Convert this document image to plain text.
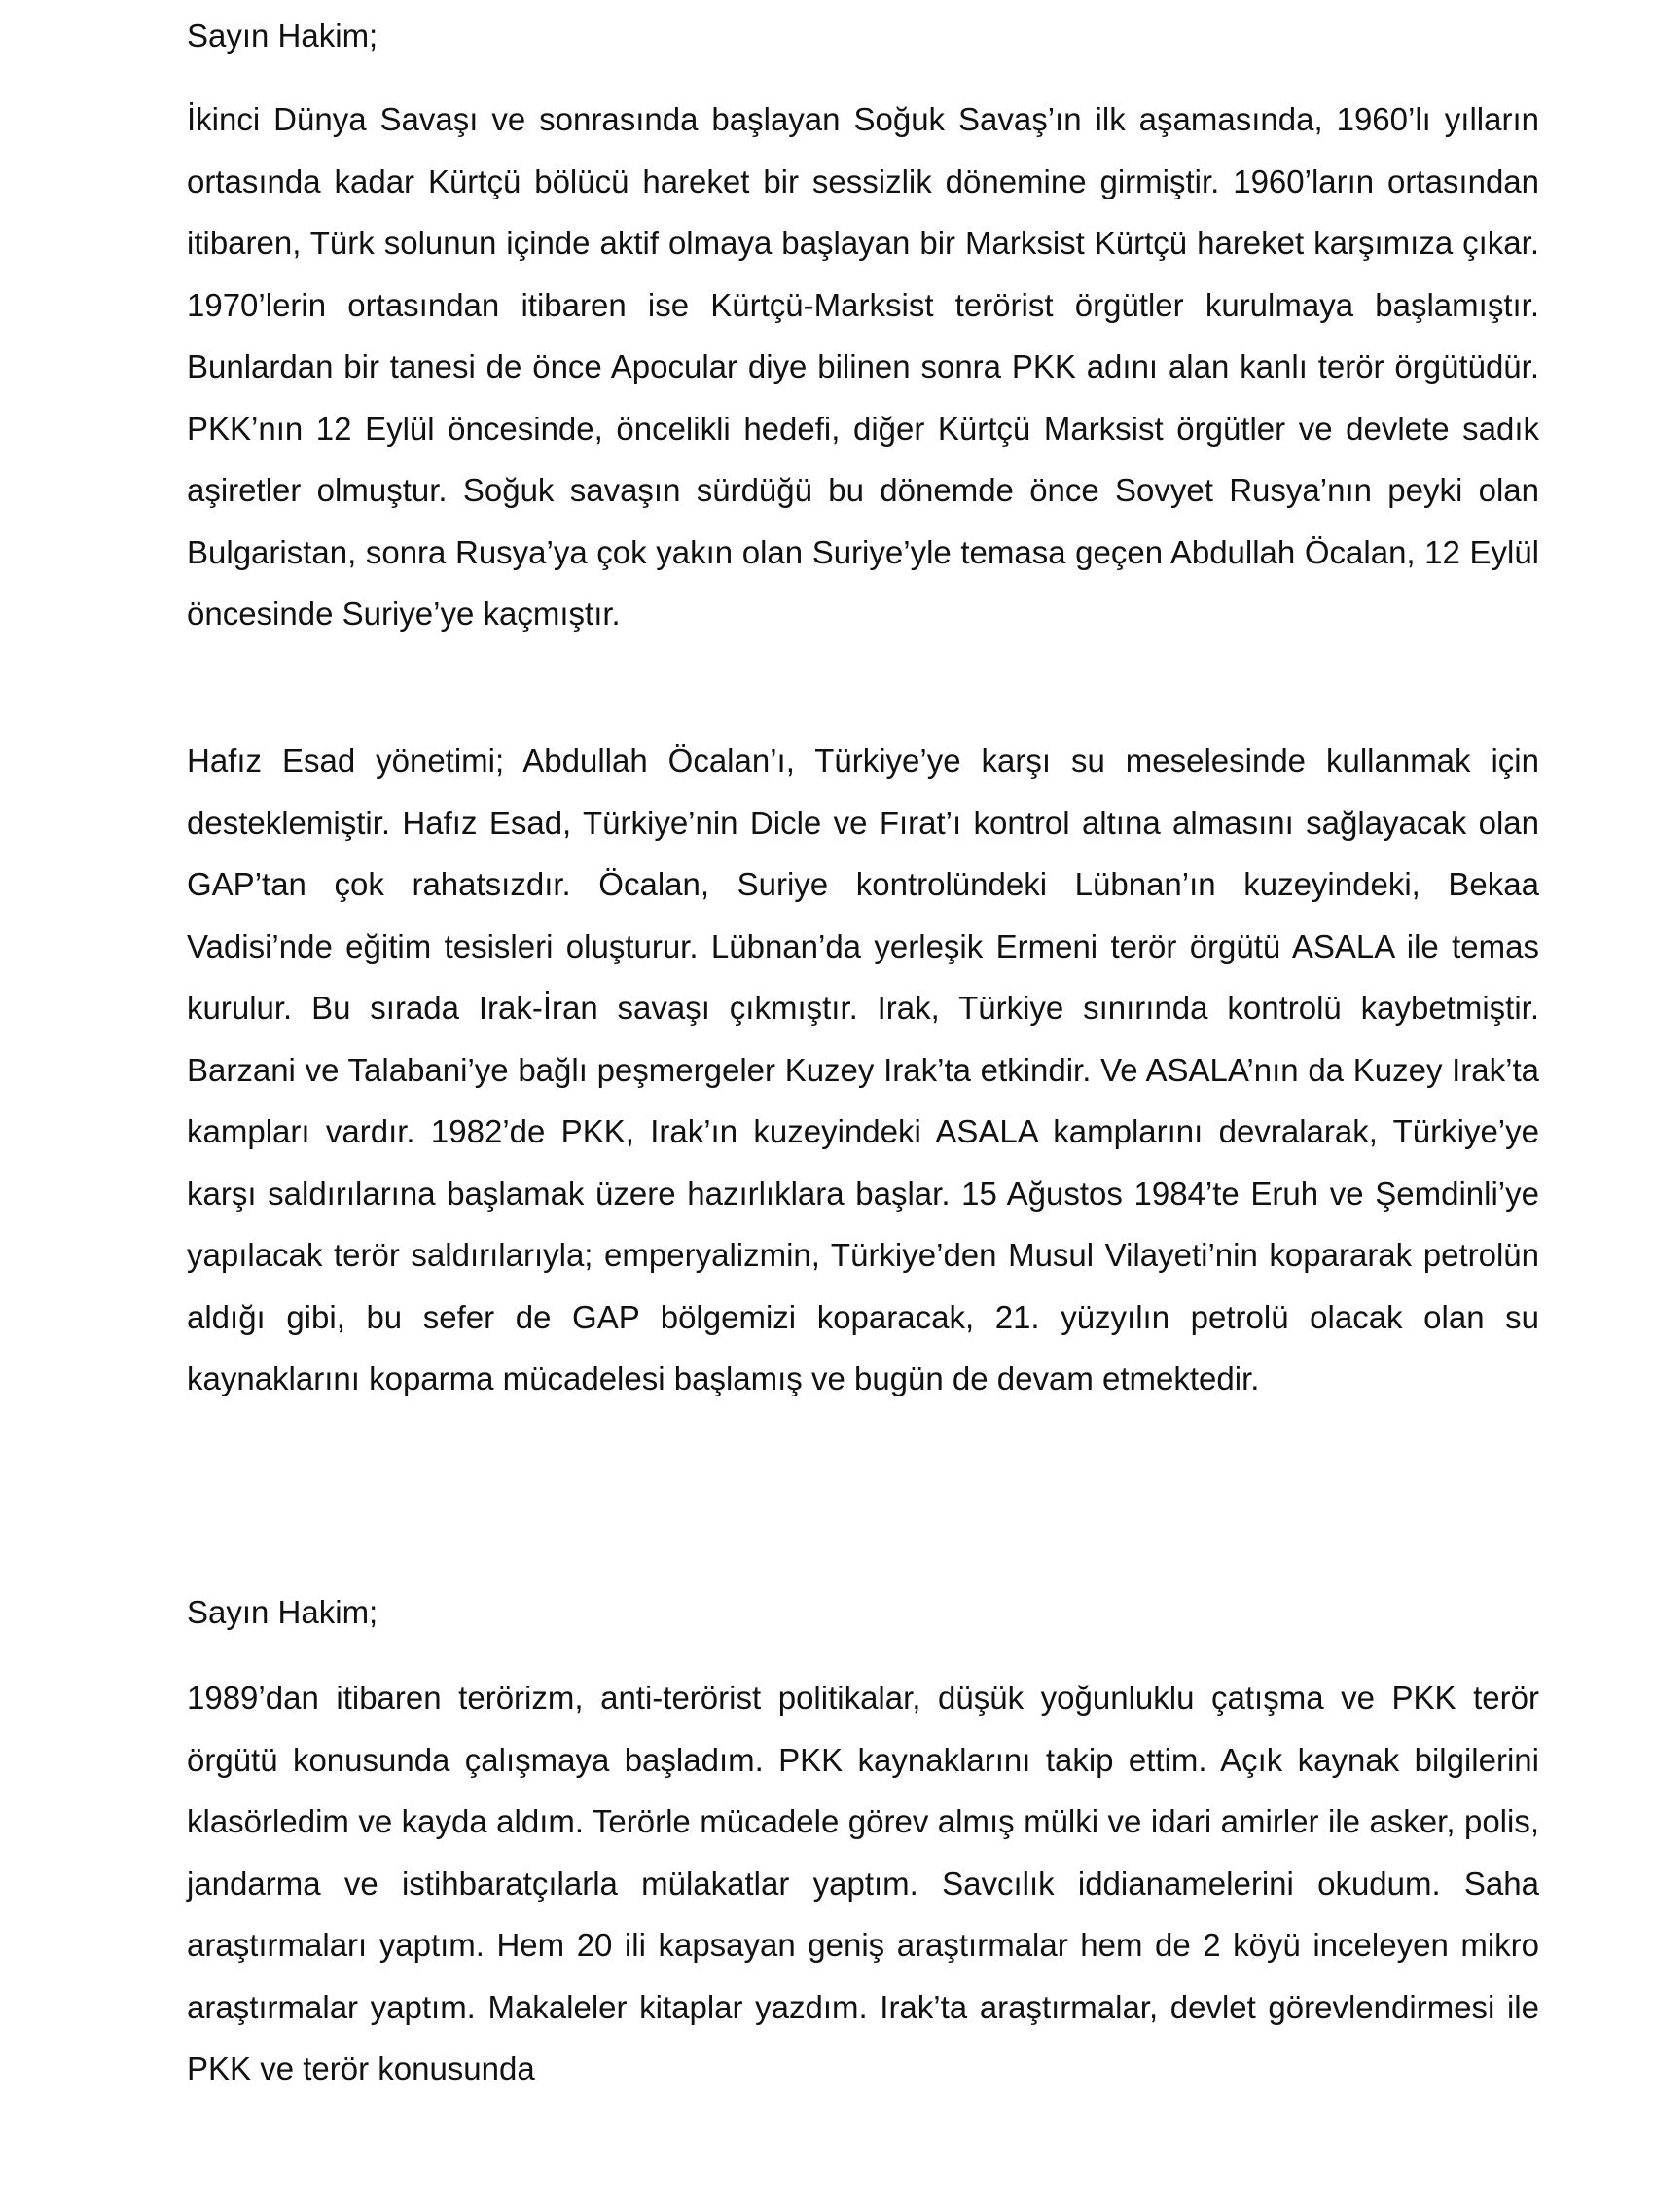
Sayın Hakim;

İkinci Dünya Savaşı ve sonrasında başlayan Soğuk Savaş’ın ilk aşamasında, 1960’lı yılların ortasında kadar Kürtçü bölücü hareket bir sessizlik dönemine girmiştir. 1960’ların ortasından itibaren, Türk solunun içinde aktif olmaya başlayan bir Marksist Kürtçü hareket karşımıza çıkar. 1970’lerin ortasından itibaren ise Kürtçü-Marksist terörist örgütler kurulmaya başlamıştır. Bunlardan bir tanesi de önce Apocular diye bilinen sonra PKK adını alan kanlı terör örgütüdür. PKK’nın 12 Eylül öncesinde, öncelikli hedefi, diğer Kürtçü Marksist örgütler ve devlete sadık aşiretler olmuştur. Soğuk savaşın sürdüğü bu dönemde önce Sovyet Rusya’nın peyki olan Bulgaristan, sonra Rusya’ya çok yakın olan Suriye’yle temasa geçen Abdullah Öcalan, 12 Eylül öncesinde Suriye’ye kaçmıştır.

Hafız Esad yönetimi; Abdullah Öcalan’ı, Türkiye’ye karşı su meselesinde kullanmak için desteklemiştir. Hafız Esad, Türkiye’nin Dicle ve Fırat’ı kontrol altına almasını sağlayacak olan GAP’tan çok rahatsızdır. Öcalan, Suriye kontrolündeki Lübnan’ın kuzeyindeki, Bekaa Vadisi’nde eğitim tesisleri oluşturur. Lübnan’da yerleşik Ermeni terör örgütü ASALA ile temas kurulur. Bu sırada Irak-İran savaşı çıkmıştır. Irak, Türkiye sınırında kontrolü kaybetmiştir. Barzani ve Talabani’ye bağlı peşmergeler Kuzey Irak’ta etkindir. Ve ASALA’nın da Kuzey Irak’ta kampları vardır. 1982’de PKK, Irak’ın kuzeyindeki ASALA kamplarını devralarak, Türkiye’ye karşı saldırılarına başlamak üzere hazırlıklara başlar. 15 Ağustos 1984’te Eruh ve Şemdinli’ye yapılacak terör saldırılarıyla; emperyalizmin, Türkiye’den Musul Vilayeti’nin kopararak petrolün aldığı gibi, bu sefer de GAP bölgemizi koparacak, 21. yüzyılın petrolü olacak olan su kaynaklarını koparma mücadelesi başlamış ve bugün de devam etmektedir.

Sayın Hakim;

1989’dan itibaren terörizm, anti-terörist politikalar, düşük yoğunluklu çatışma ve PKK terör örgütü konusunda çalışmaya başladım. PKK kaynaklarını takip ettim. Açık kaynak bilgilerini klasörledim ve kayda aldım. Terörle mücadele görev almış mülki ve idari amirler ile asker, polis, jandarma ve istihbaratçılarla mülakatlar yaptım. Savcılık iddianamelerini okudum. Saha araştırmaları yaptım. Hem 20 ili kapsayan geniş araştırmalar hem de 2 köyü inceleyen mikro araştırmalar yaptım. Makaleler kitaplar yazdım. Irak’ta araştırmalar, devlet görevlendirmesi ile PKK ve terör konusunda
